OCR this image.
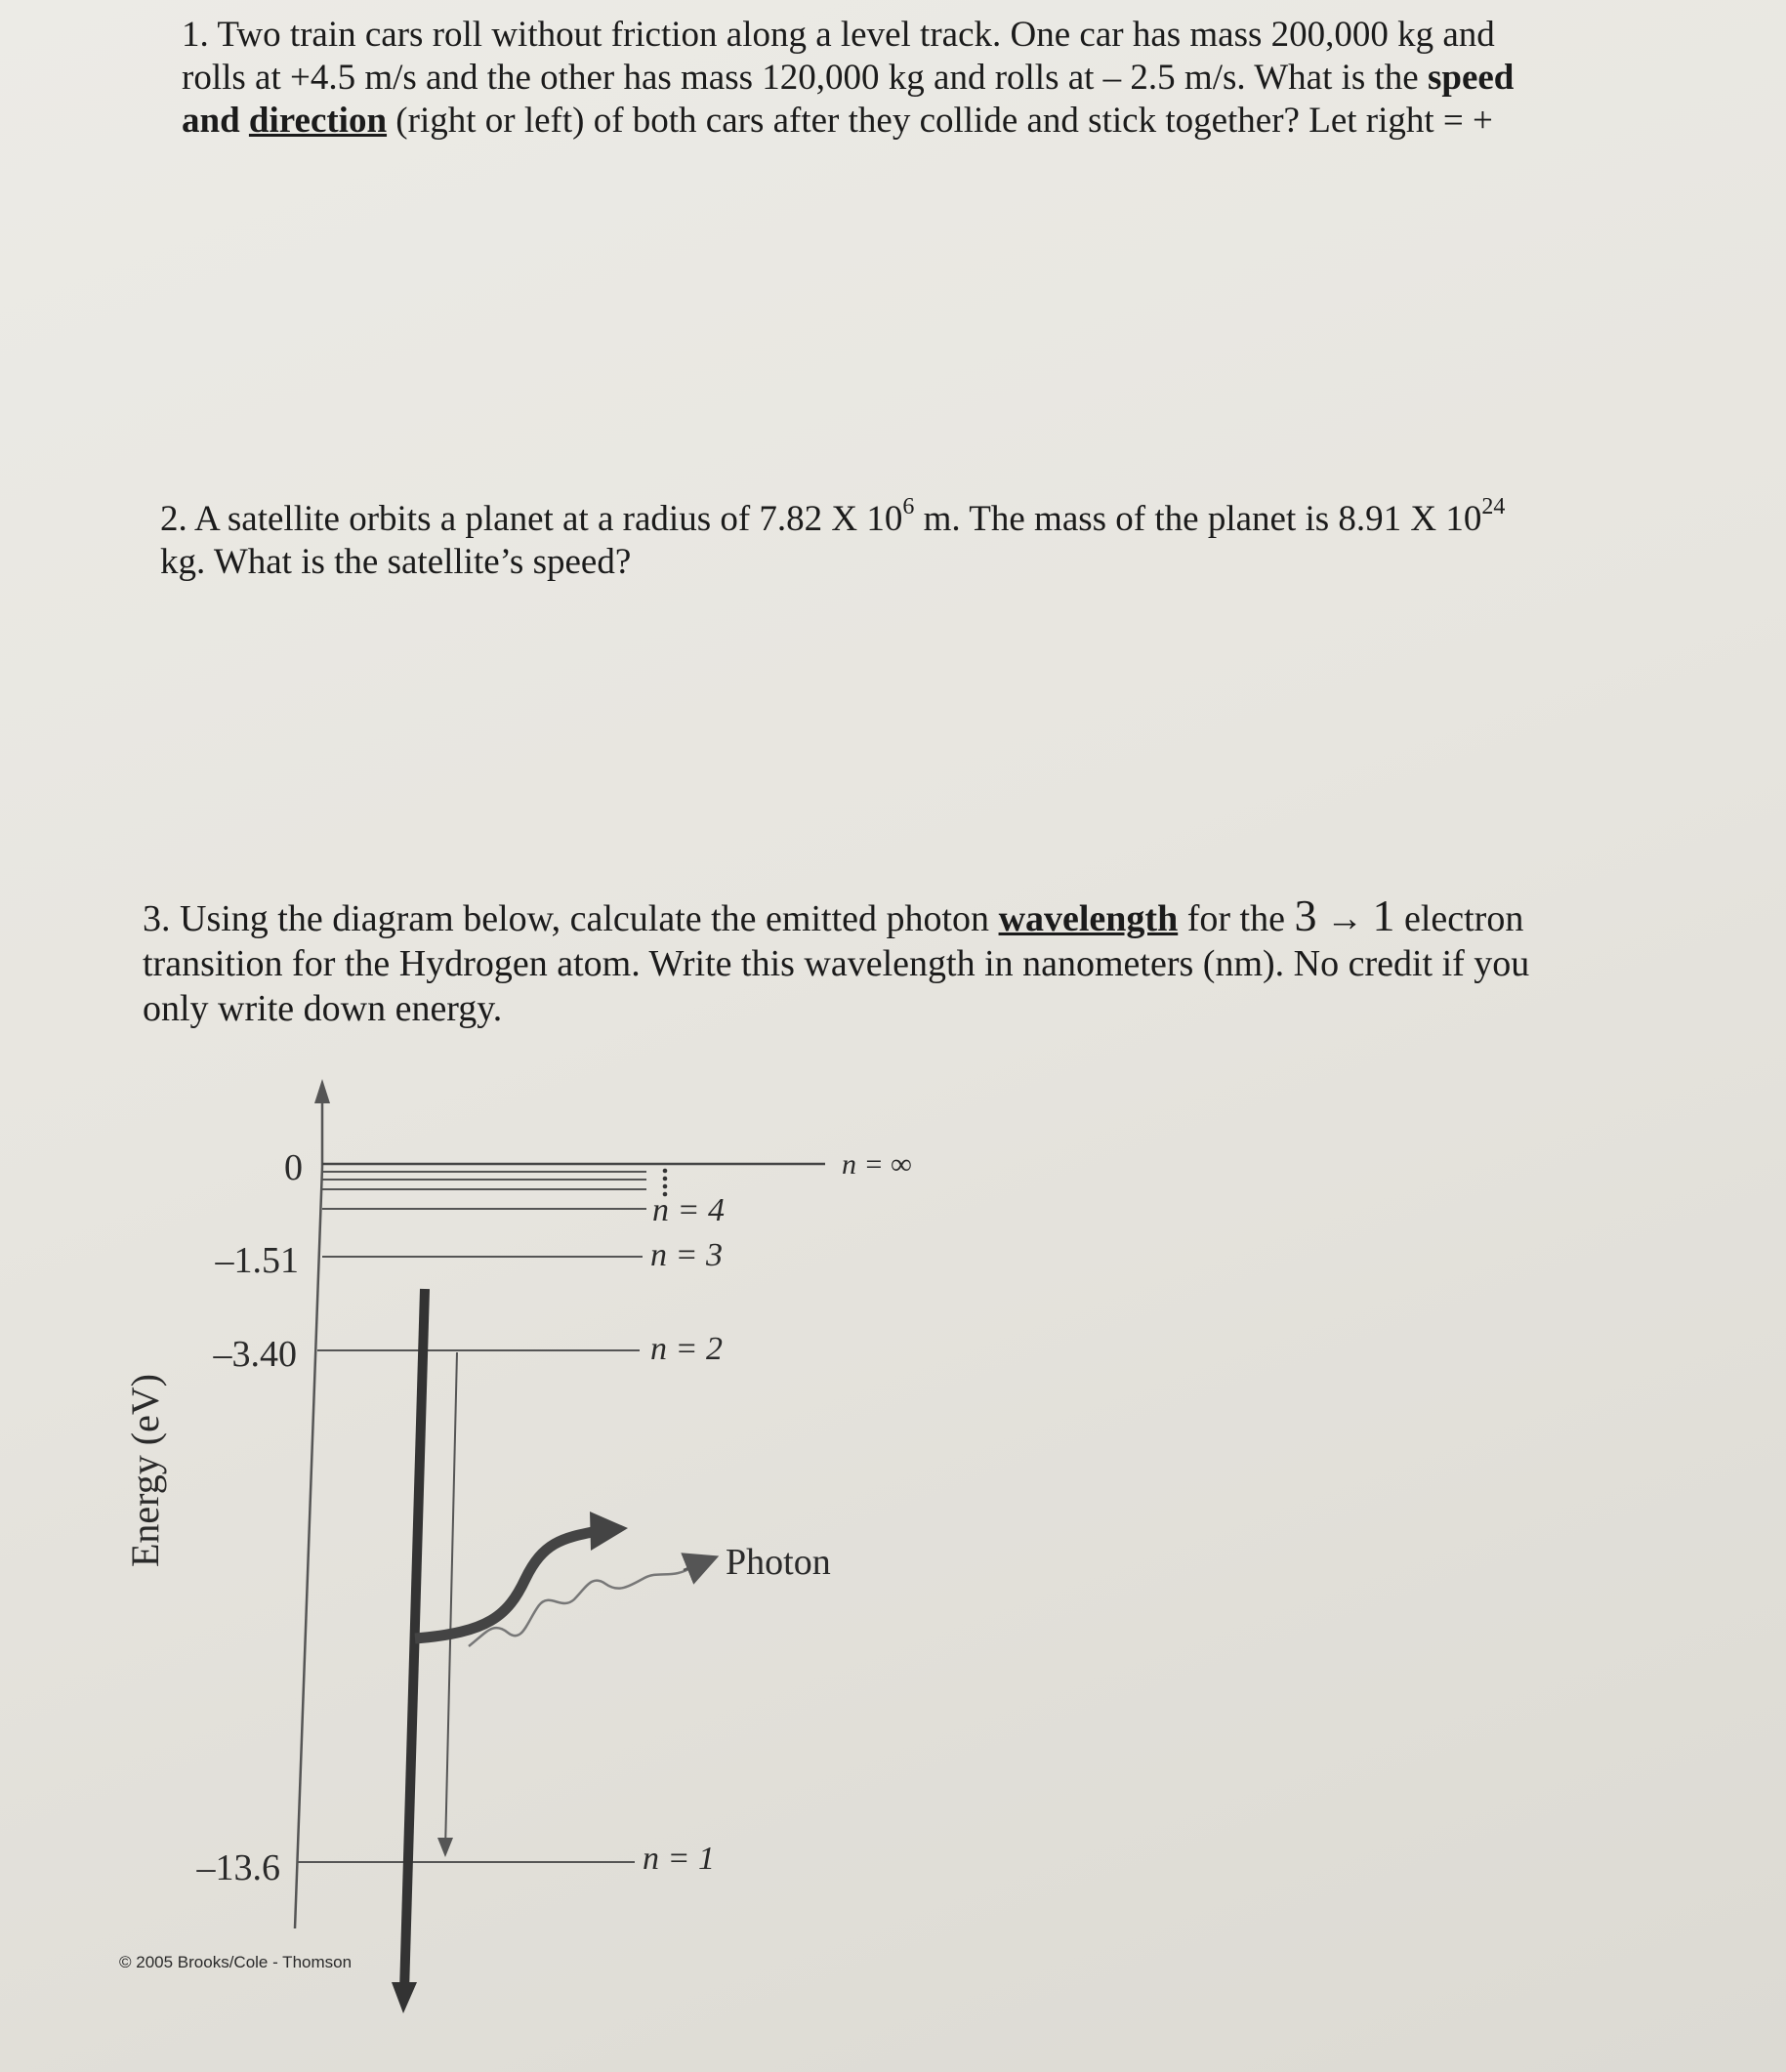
1. Two train cars roll without friction along a level track. One car has mass 200,000 kg and
rolls at +4.5 m/s and the other has mass 120,000 kg and rolls at – 2.5 m/s. What is the speed
and direction (right or left) of both cars after they collide and stick together? Let right = +
2. A satellite orbits a planet at a radius of 7.82 X $10^6$ m. The mass of the planet is 8.91 X $10^{24}$
kg. What is the satellite’s speed?
3. Using the diagram below, calculate the emitted photon wavelength for the 3 → 1 electron
transition for the Hydrogen atom. Write this wavelength in nanometers (nm). No credit if you
only write down energy.
Energy (eV)
0
–1.51
–3.40
–13.6
n = ∞
n = 4
n = 3
n = 2
n = 1
Photon
© 2005 Brooks/Cole - Thomson
